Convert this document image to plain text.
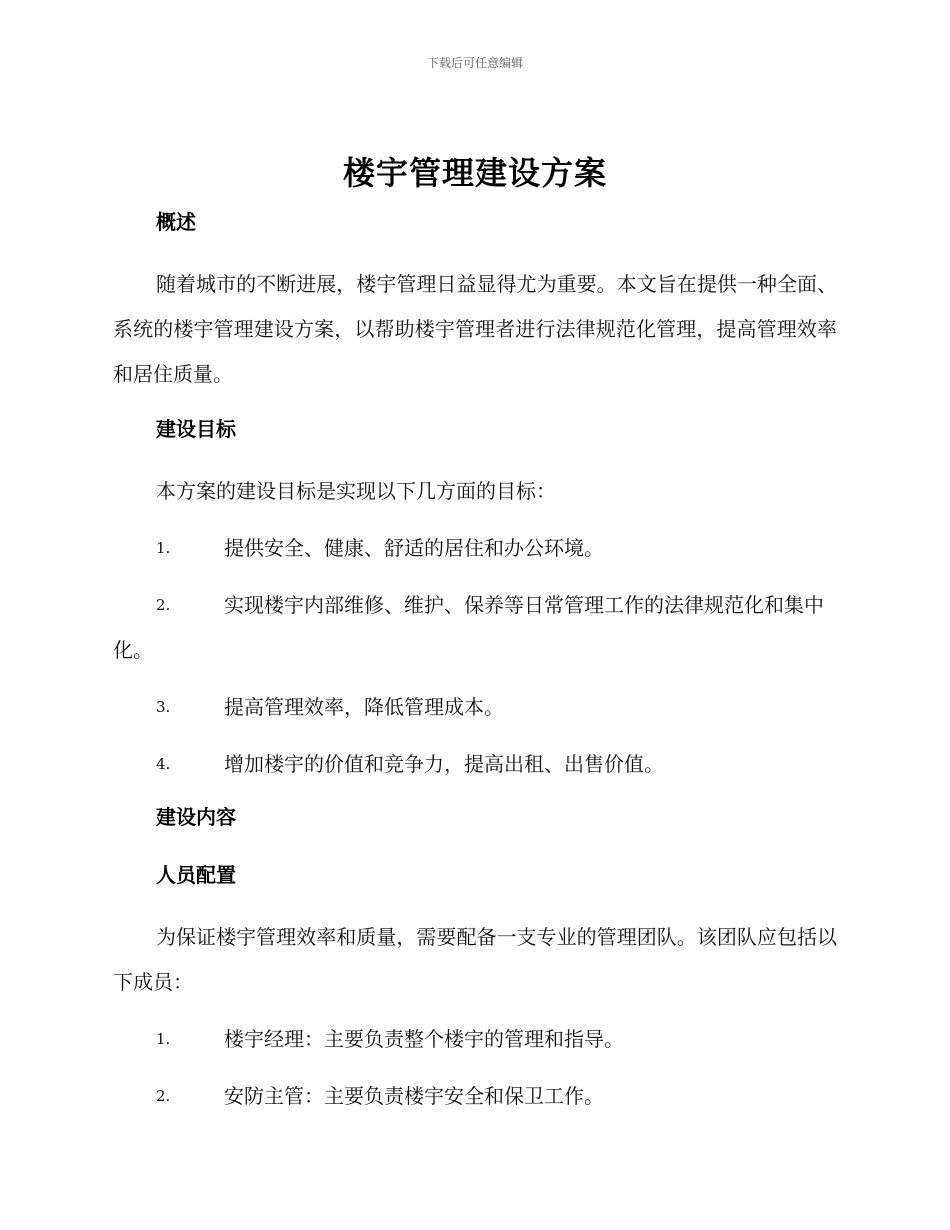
下载后可任意编辑
楼宇管理建设方案
概述

随着城市的不断进展，楼宇管理日益显得尤为重要。本文旨在提供一种全面、系统的楼宇管理建设方案，以帮助楼宇管理者进行法律规范化管理，提高管理效率和居住质量。

建设目标

本方案的建设目标是实现以下几方面的目标：

1.	提供安全、健康、舒适的居住和办公环境。
2.	实现楼宇内部维修、维护、保养等日常管理工作的法律规范化和集中化。
3.	提高管理效率，降低管理成本。
4.	增加楼宇的价值和竞争力，提高出租、出售价值。
建设内容
人员配置

为保证楼宇管理效率和质量，需要配备一支专业的管理团队。该团队应包括以下成员：

1.	楼宇经理：主要负责整个楼宇的管理和指导。
2.	安防主管：主要负责楼宇安全和保卫工作。
